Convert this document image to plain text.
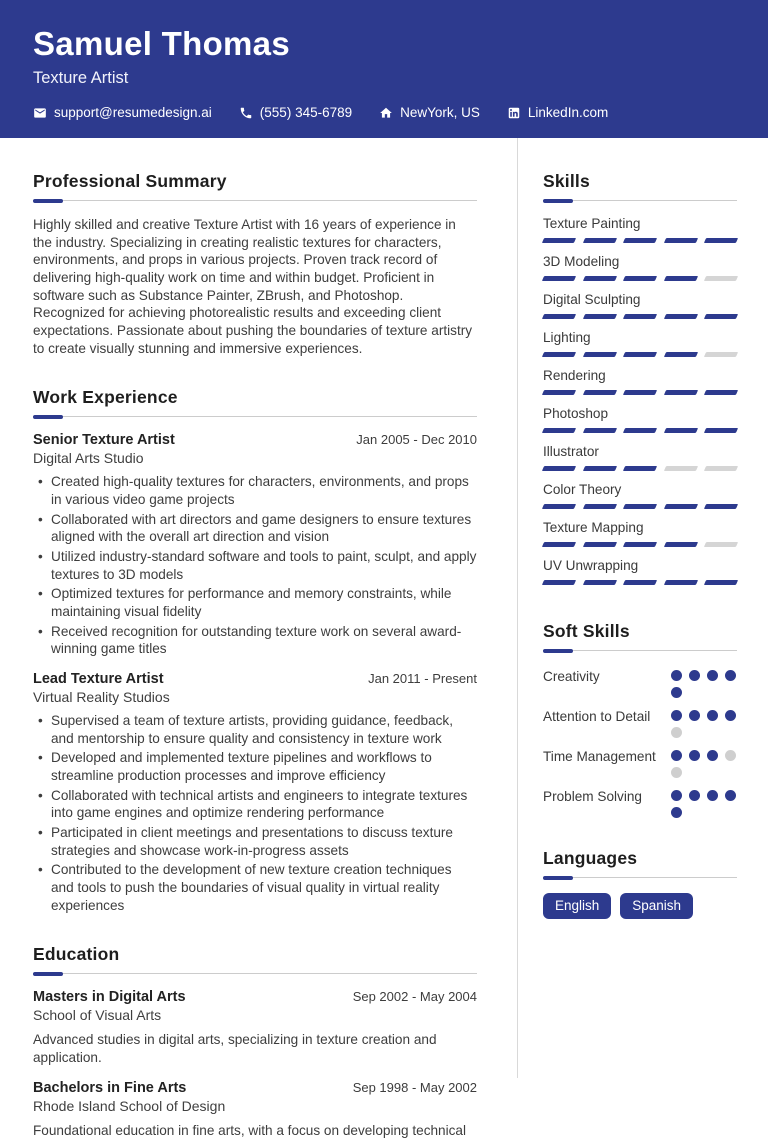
Samuel Thomas
Texture Artist
support@resumedesign.ai	(555) 345-6789	NewYork, US	LinkedIn.com
Professional Summary

Highly skilled and creative Texture Artist with 16 years of experience in the industry. Specializing in creating realistic textures for characters, environments, and props in various projects. Proven track record of delivering high-quality work on time and within budget. Proficient in software such as Substance Painter, ZBrush, and Photoshop. Recognized for achieving photorealistic results and exceeding client expectations. Passionate about pushing the boundaries of texture artistry to create visually stunning and immersive experiences.

Work Experience
Senior Texture Artist	Jan 2005 - Dec 2010
Digital Arts Studio
• Created high-quality textures for characters, environments, and props in various video game projects
• Collaborated with art directors and game designers to ensure textures aligned with the overall art direction and vision
• Utilized industry-standard software and tools to paint, sculpt, and apply textures to 3D models
• Optimized textures for performance and memory constraints, while maintaining visual fidelity
• Received recognition for outstanding texture work on several award-winning game titles
Lead Texture Artist	Jan 2011 - Present
Virtual Reality Studios
• Supervised a team of texture artists, providing guidance, feedback, and mentorship to ensure quality and consistency in texture work
• Developed and implemented texture pipelines and workflows to streamline production processes and improve efficiency
• Collaborated with technical artists and engineers to integrate textures into game engines and optimize rendering performance
• Participated in client meetings and presentations to discuss texture strategies and showcase work-in-progress assets
• Contributed to the development of new texture creation techniques and tools to push the boundaries of visual quality in virtual reality experiences
Education
Masters in Digital Arts	Sep 2002 - May 2004
School of Visual Arts

Advanced studies in digital arts, specializing in texture creation and application.

Bachelors in Fine Arts	Sep 1998 - May 2002
Rhode Island School of Design

Foundational education in fine arts, with a focus on developing technical

Skills
Texture Painting
3D Modeling
Digital Sculpting
Lighting
Rendering
Photoshop
Illustrator
Color Theory
Texture Mapping
UV Unwrapping
Soft Skills
Creativity
Attention to Detail
Time Management
Problem Solving
Languages
English	Spanish
